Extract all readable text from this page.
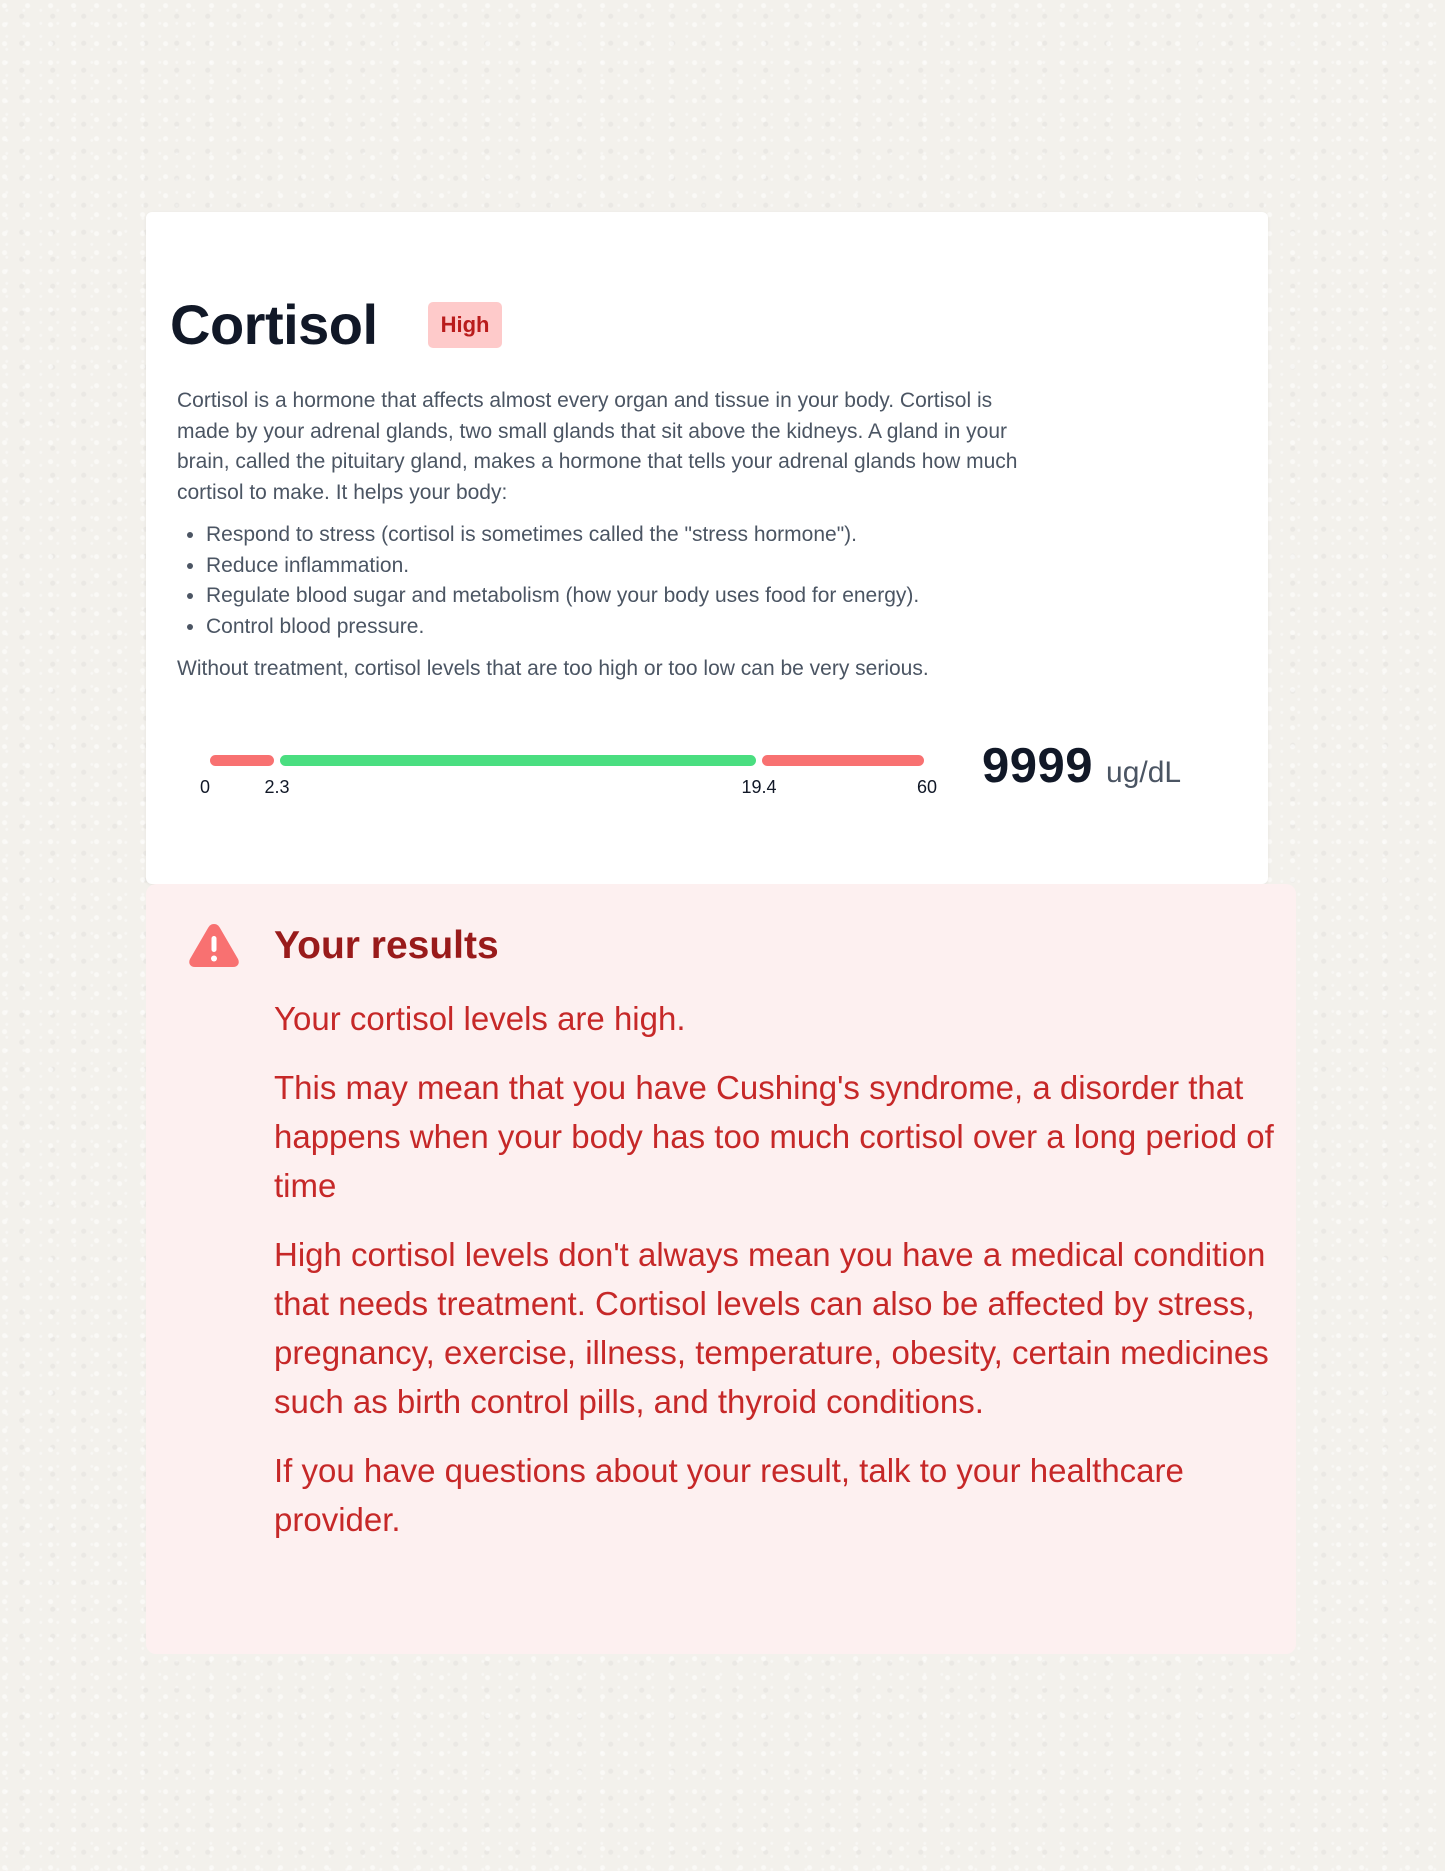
Cortisol	High

Cortisol is a hormone that affects almost every organ and tissue in your body. Cortisol is made by your adrenal glands, two small glands that sit above the kidneys. A gland in your brain, called the pituitary gland, makes a hormone that tells your adrenal glands how much cortisol to make. It helps your body:

• Respond to stress (cortisol is sometimes called the "stress hormone").
• Reduce inflammation.
• Regulate blood sugar and metabolism (how your body uses food for energy).
• Control blood pressure.

Without treatment, cortisol levels that are too high or too low can be very serious.

0	2.3	19.4	60 9999 ug/dL
Your results

Your cortisol levels are high.

This may mean that you have Cushing's syndrome, a disorder that happens when your body has too much cortisol over a long period of time

High cortisol levels don't always mean you have a medical condition that needs treatment. Cortisol levels can also be affected by stress, pregnancy, exercise, illness, temperature, obesity, certain medicines such as birth control pills, and thyroid conditions.

If you have questions about your result, talk to your healthcare provider.
